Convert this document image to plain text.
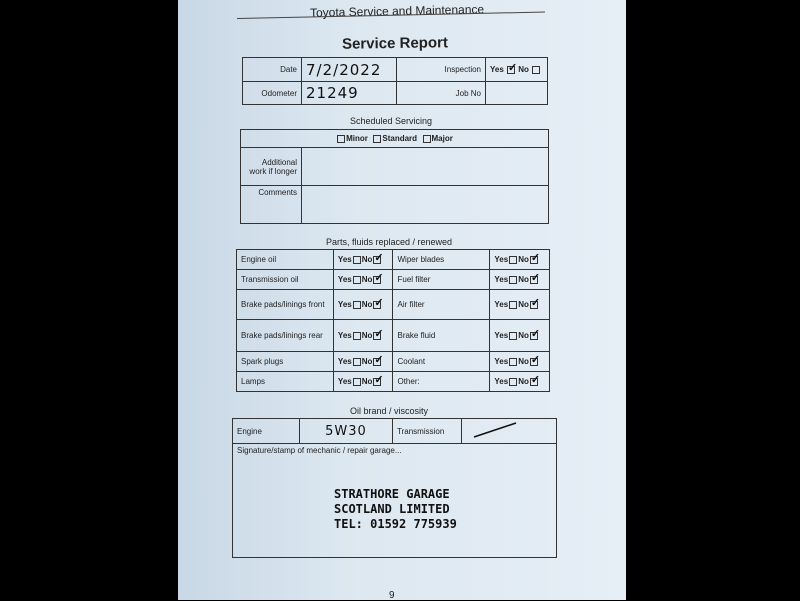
Toyota Service and Maintenance
Service Report
Date	7/2/2022	Inspection	Yes ✓ No
Odometer	21249	Job No	
Scheduled Servicing
Minor Standard Major	
Additional work if longer	
Comments	
Parts, fluids replaced / renewed
Engine oil	Yes No ✓	Wiper blades	Yes No ✓

Transmission oil	Yes No ✓	Fuel filter	Yes No ✓

Brake pads/linings front	Yes No ✓	Air filter	Yes No ✓

Brake pads/linings rear	Yes No ✓	Brake fluid	Yes No ✓

Spark plugs	Yes No ✓	Coolant	Yes No ✓

Lamps	Yes No ✓	Other:	Yes No ✓
Oil brand / viscosity
Engine	5W30	Transmission	
Signature/stamp of mechanic / repair garage...
STRATHORE GARAGE
SCOTLAND LIMITED
TEL: 01592 775939
9
